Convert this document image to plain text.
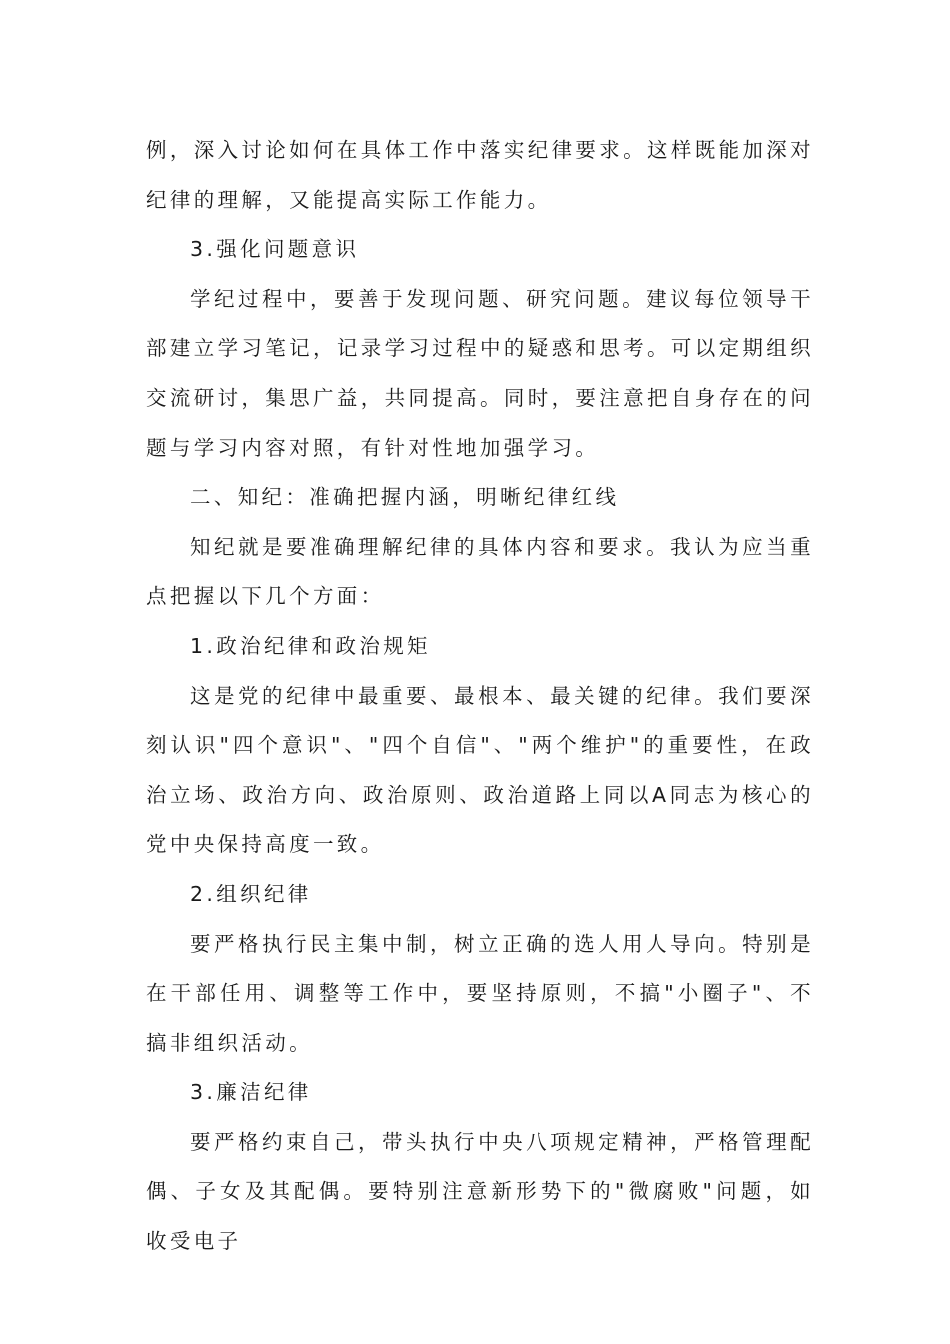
例，深入讨论如何在具体工作中落实纪律要求。这样既能加深对纪律的理解，又能提高实际工作能力。

3.强化问题意识

学纪过程中，要善于发现问题、研究问题。建议每位领导干部建立学习笔记，记录学习过程中的疑惑和思考。可以定期组织交流研讨，集思广益，共同提高。同时，要注意把自身存在的问题与学习内容对照，有针对性地加强学习。

二、知纪：准确把握内涵，明晰纪律红线

知纪就是要准确理解纪律的具体内容和要求。我认为应当重点把握以下几个方面：

1.政治纪律和政治规矩

这是党的纪律中最重要、最根本、最关键的纪律。我们要深刻认识"四个意识"、"四个自信"、"两个维护"的重要性，在政治立场、政治方向、政治原则、政治道路上同以A同志为核心的党中央保持高度一致。

2.组织纪律

要严格执行民主集中制，树立正确的选人用人导向。特别是在干部任用、调整等工作中，要坚持原则，不搞"小圈子"、不搞非组织活动。

3.廉洁纪律

要严格约束自己，带头执行中央八项规定精神，严格管理配偶、子女及其配偶。要特别注意新形势下的"微腐败"问题，如收受电子
